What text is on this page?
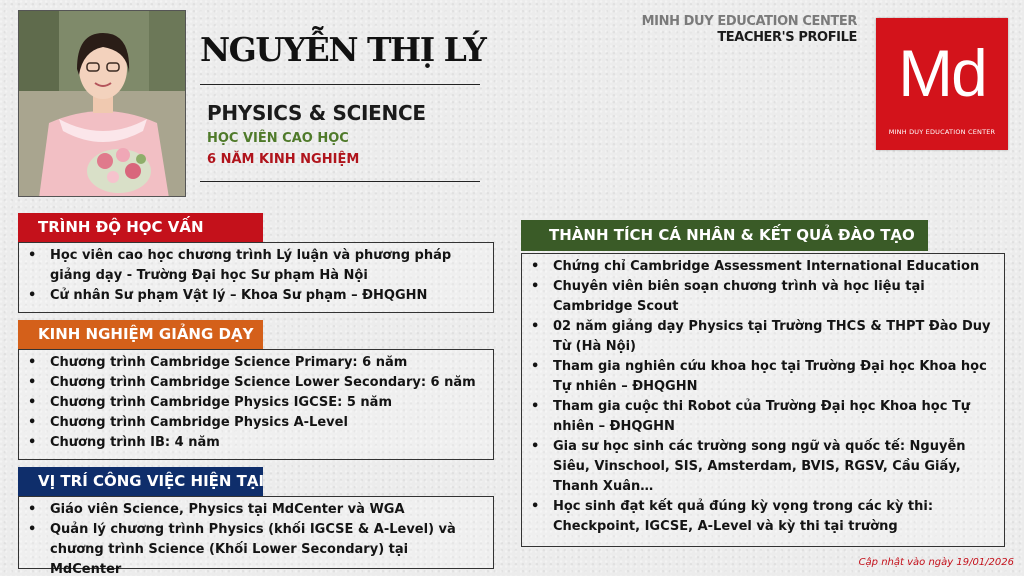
NGUYỄN THỊ LÝ
PHYSICS & SCIENCE
HỌC VIÊN CAO HỌC
6 NĂM KINH NGHIỆM
MINH DUY EDUCATION CENTER
TEACHER'S PROFILE Md
MINH DUY EDUCATION CENTER
TRÌNH ĐỘ HỌC VẤN
• Học viên cao học chương trình Lý luận và phương pháp giảng dạy - Trường Đại học Sư phạm Hà Nội
• Cử nhân Sư phạm Vật lý – Khoa Sư phạm – ĐHQGHN
KINH NGHIỆM GIẢNG DẠY
• Chương trình Cambridge Science Primary: 6 năm
• Chương trình Cambridge Science Lower Secondary: 6 năm
• Chương trình Cambridge Physics IGCSE: 5 năm
• Chương trình Cambridge Physics A-Level
• Chương trình IB: 4 năm
VỊ TRÍ CÔNG VIỆC HIỆN TẠI
• Giáo viên Science, Physics tại MdCenter và WGA
• Quản lý chương trình Physics (khối IGCSE & A-Level) và chương trình Science (Khối Lower Secondary) tại MdCenter
THÀNH TÍCH CÁ NHÂN & KẾT QUẢ ĐÀO TẠO
• Chứng chỉ Cambridge Assessment International Education
• Chuyên viên biên soạn chương trình và học liệu tại Cambridge Scout
• 02 năm giảng dạy Physics tại Trường THCS & THPT Đào Duy Từ (Hà Nội)
• Tham gia nghiên cứu khoa học tại Trường Đại học Khoa học Tự nhiên – ĐHQGHN
• Tham gia cuộc thi Robot của Trường Đại học Khoa học Tự nhiên – ĐHQGHN
• Gia sư học sinh các trường song ngữ và quốc tế: Nguyễn Siêu, Vinschool, SIS, Amsterdam, BVIS, RGSV, Cầu Giấy, Thanh Xuân…
• Học sinh đạt kết quả đúng kỳ vọng trong các kỳ thi: Checkpoint, IGCSE, A-Level và kỳ thi tại trường
Cập nhật vào ngày 19/01/2026
